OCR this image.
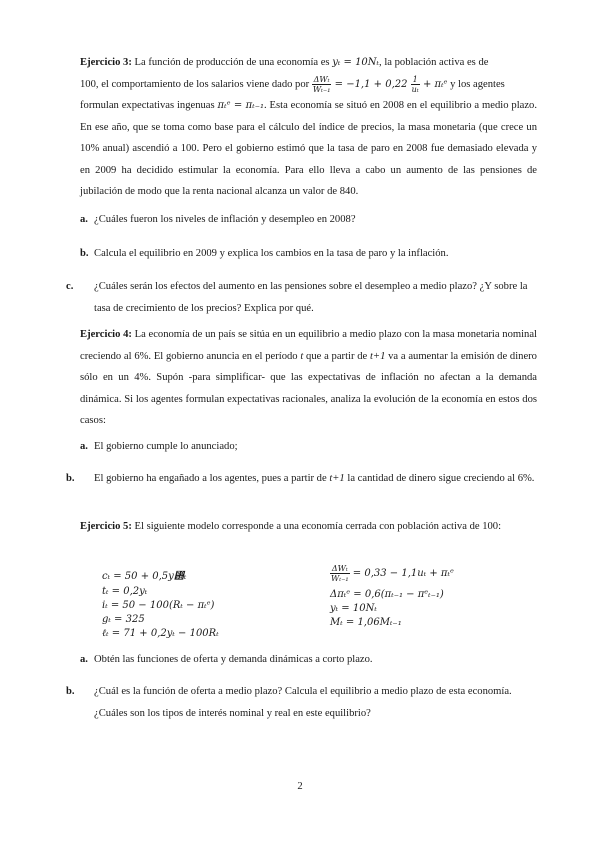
Ejercicio 3: La función de producción de una economía es yₜ = 10Nₜ, la población activa es de
100, el comportamiento de los salarios viene dado por $\frac{\text{ΔWₜ}}{\text{Wₜ₋₁}} = -1,1 + 0,22 \frac{1}{\text{uₜ}}$ + πₜᵉ y los agentes
formulan expectativas ingenuas πₜᵉ = πₜ₋₁. Esta economía se situó en 2008 en el equilibrio a medio plazo. En ese año, que se toma como base para el cálculo del índice de precios, la masa monetaria (que crece un 10% anual) ascendió a 100. Pero el gobierno estimó que la tasa de paro en 2008 fue demasiado elevada y en 2009 ha decidido estimular la economía. Para ello lleva a cabo un aumento de las pensiones de jubilación de modo que la renta nacional alcanza un valor de 840.
a. ¿Cuáles fueron los niveles de inflación y desempleo en 2008?
b. Calcula el equilibrio en 2009 y explica los cambios en la tasa de paro y la inflación.
c. ¿Cuáles serán los efectos del aumento en las pensiones sobre el desempleo a medio plazo? ¿Y sobre la tasa de crecimiento de los precios? Explica por qué.
Ejercicio 4: La economía de un país se sitúa en un equilibrio a medio plazo con la masa monetaria nominal creciendo al 6%. El gobierno anuncia en el período t que a partir de t+1 va a aumentar la emisión de dinero sólo en un 4%. Supón -para simplificar- que las expectativas de inflación no afectan a la demanda dinámica. Si los agentes formulan expectativas racionales, analiza la evolución de la economía en estos dos casos:
a. El gobierno cumple lo anunciado;
b. El gobierno ha engañado a los agentes, pues a partir de t+1 la cantidad de dinero sigue creciendo al 6%.
Ejercicio 5: El siguiente modelo corresponde a una economía cerrada con población activa de 100:
cₜ = 50 + 0,5y₝ₜ
tₜ = 0,2yₜ
iₜ = 50 − 100(Rₜ − πₜᵉ)
gₜ = 325
ℓₜ = 71 + 0,2yₜ − 100Rₜ
$\frac{\text{ΔWₜ}}{\text{Wₜ₋₁}} = 0,33 - 1,1u_t$ + πₜᵉ
Δπₜᵉ = 0,6(πₜ₋₁ − πᵉₜ₋₁)
yₜ = 10Nₜ
Mₜ = 1,06Mₜ₋₁
a. Obtén las funciones de oferta y demanda dinámicas a corto plazo.
b. ¿Cuál es la función de oferta a medio plazo? Calcula el equilibrio a medio plazo de esta economía. ¿Cuáles son los tipos de interés nominal y real en este equilibrio?
2
